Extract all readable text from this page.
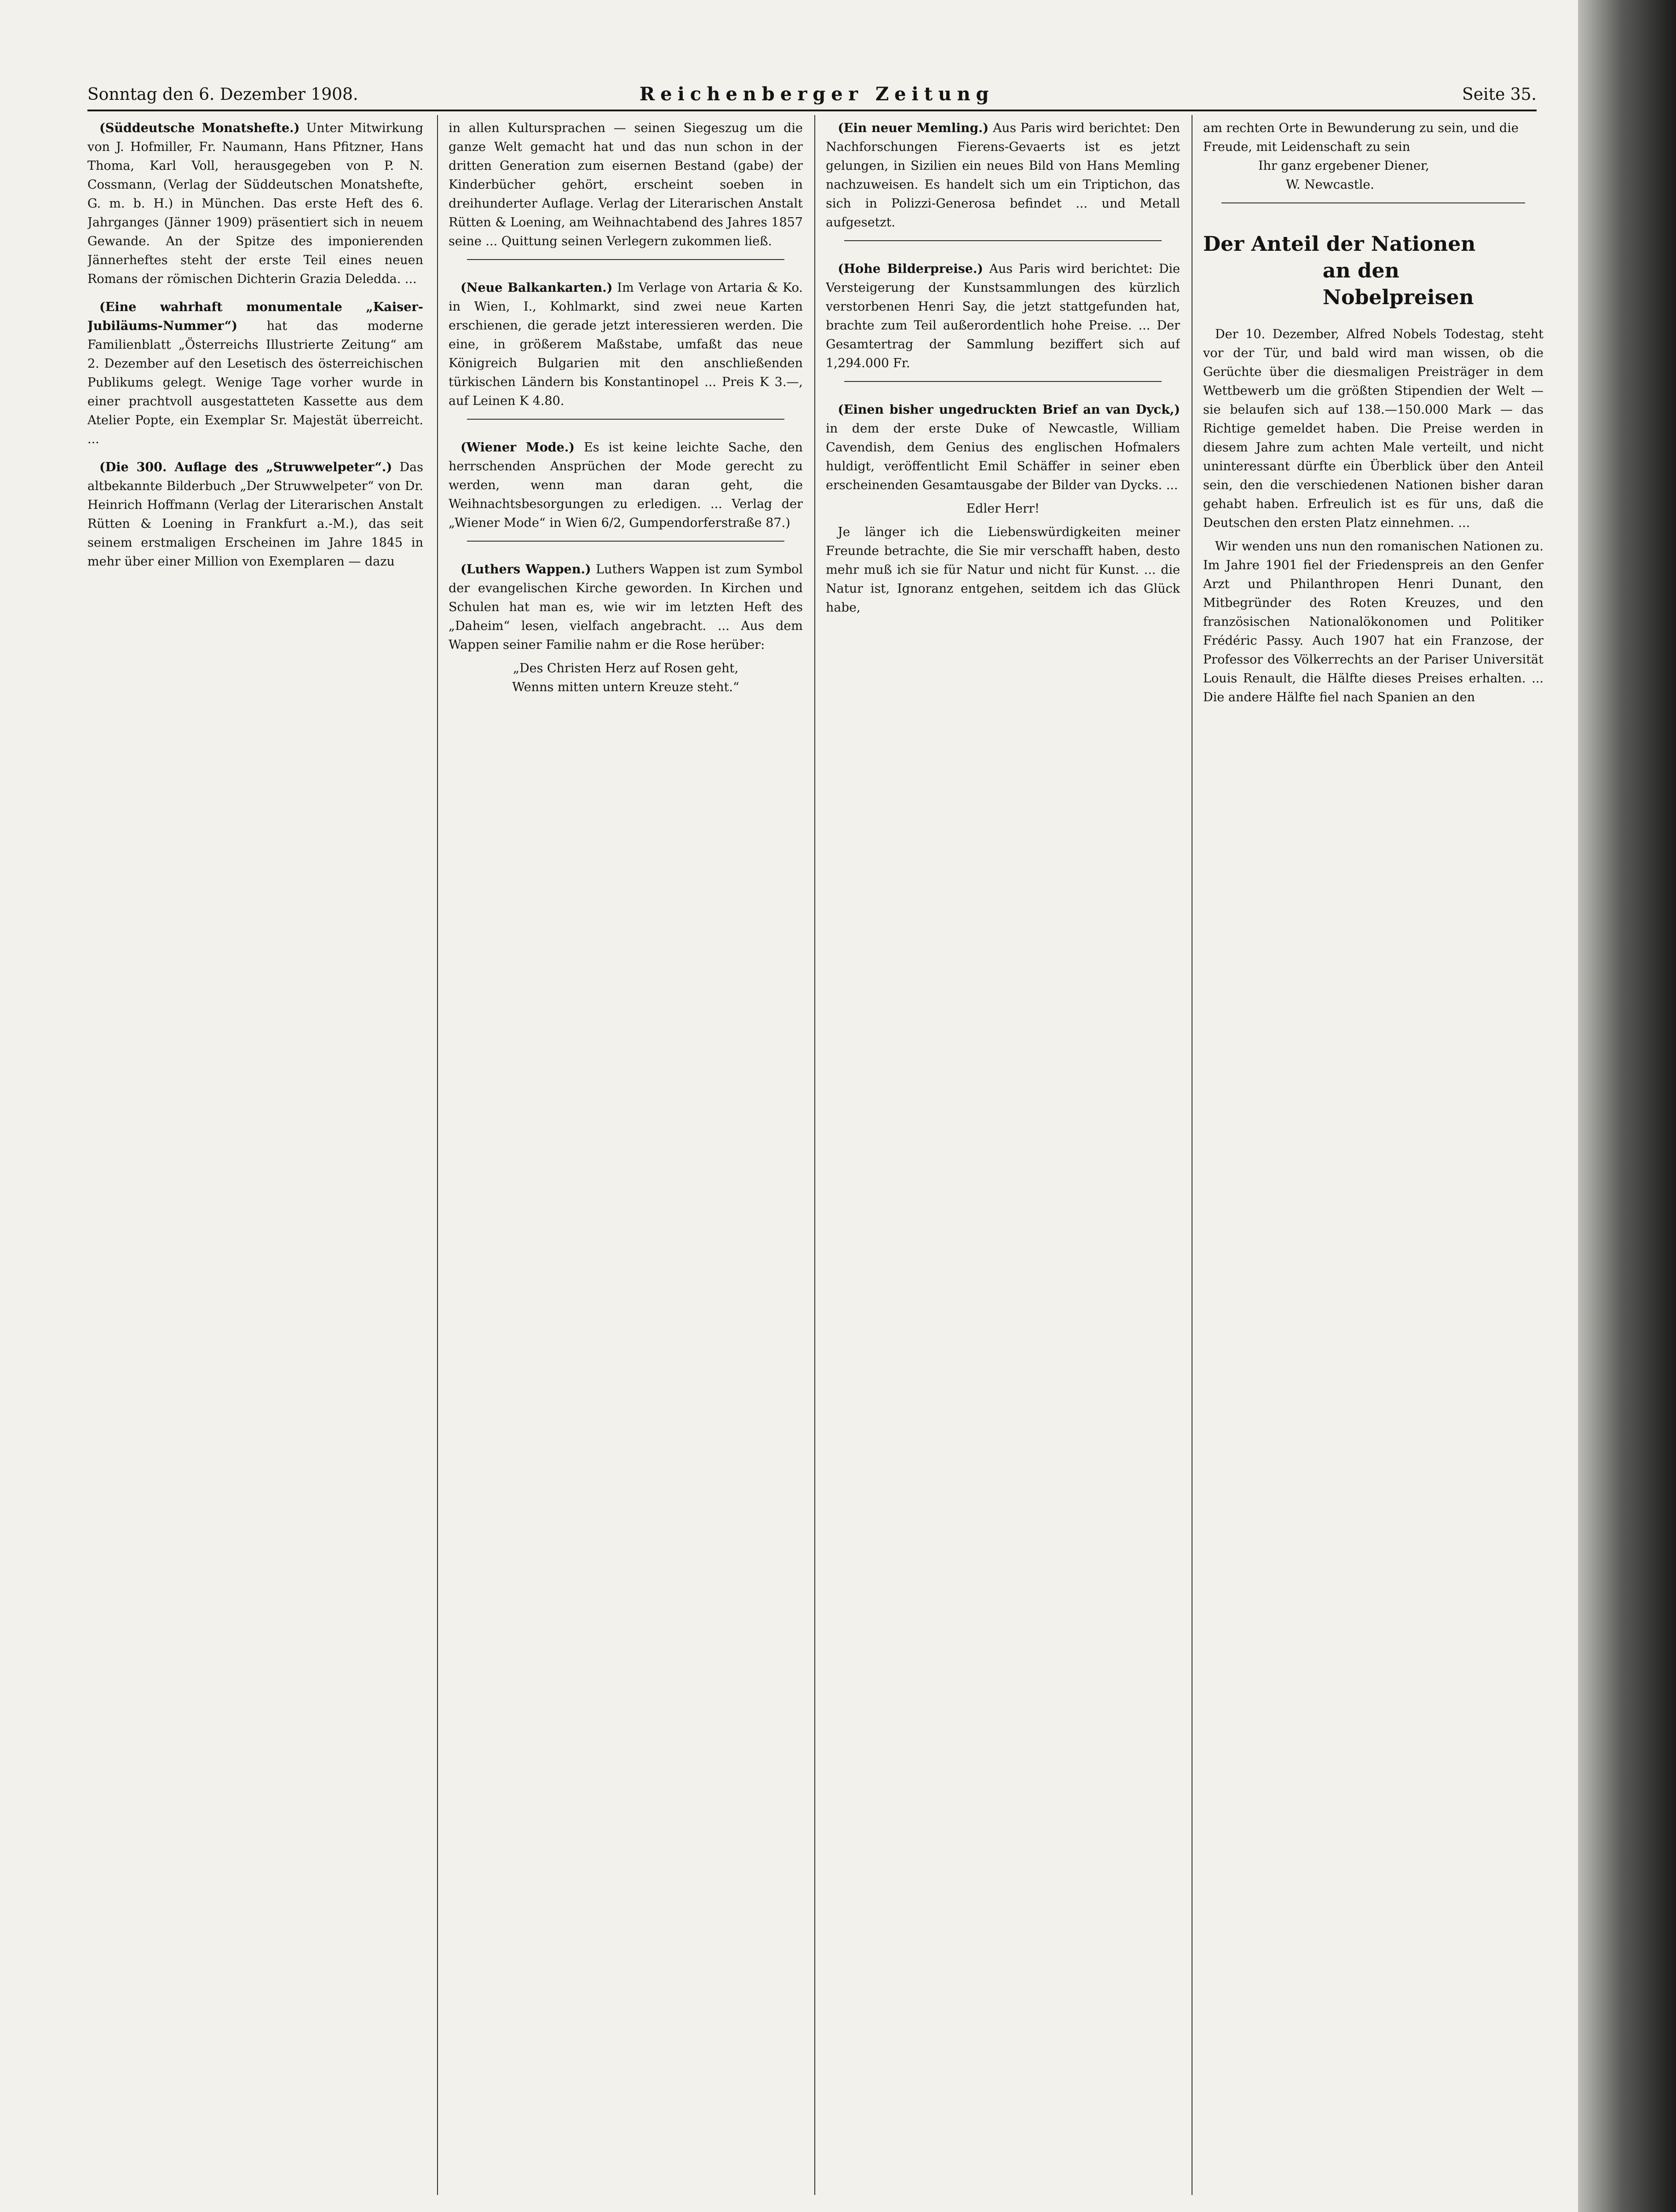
Sonntag den 6. Dezember 1908.	Reichenberger Zeitung	Seite 35.

(Süddeutsche Monatshefte.) Unter Mitwirkung von J. Hofmiller, Fr. Naumann, Hans Pfitzner, Hans Thoma, Karl Voll, herausgegeben von P. N. Cossmann, (Verlag der Süddeutschen Monatshefte, G. m. b. H.) in München. Das erste Heft des 6. Jahrganges (Jänner 1909) präsentiert sich in neuem Gewande. An der Spitze des imponierenden Jännerheftes steht der erste Teil eines neuen Romans der römischen Dichterin Grazia Deledda. ...

(Eine wahrhaft monumentale „Kaiser-Jubiläums-Nummer“) hat das moderne Familienblatt „Österreichs Illustrierte Zeitung“ am 2. Dezember auf den Lesetisch des österreichischen Publikums gelegt. Wenige Tage vorher wurde in einer prachtvoll ausgestatteten Kassette aus dem Atelier Popte, ein Exemplar Sr. Majestät überreicht. ...

(Die 300. Auflage des „Struwwelpeter“.) Das altbekannte Bilderbuch „Der Struwwelpeter“ von Dr. Heinrich Hoffmann (Verlag der Literarischen Anstalt Rütten & Loening in Frankfurt a.-M.), das seit seinem erstmaligen Erscheinen im Jahre 1845 in mehr über einer Million von Exemplaren — dazu

in allen Kultursprachen — seinen Siegeszug um die ganze Welt gemacht hat und das nun schon in der dritten Generation zum eisernen Bestand (gabe) der Kinderbücher gehört, erscheint soeben in dreihunderter Auflage. Verlag der Literarischen Anstalt Rütten & Loening, am Weihnachtabend des Jahres 1857 seine ... Quittung seinen Verlegern zukommen ließ.

(Neue Balkankarten.) Im Verlage von Artaria & Ko. in Wien, I., Kohlmarkt, sind zwei neue Karten erschienen, die gerade jetzt interessieren werden. Die eine, in größerem Maßstabe, umfaßt das neue Königreich Bulgarien mit den anschließenden türkischen Ländern bis Konstantinopel ... Preis K 3.—, auf Leinen K 4.80.

(Wiener Mode.) Es ist keine leichte Sache, den herrschenden Ansprüchen der Mode gerecht zu werden, wenn man daran geht, die Weihnachtsbesorgungen zu erledigen. ... Verlag der „Wiener Mode“ in Wien 6/2, Gumpendorferstraße 87.)

(Luthers Wappen.) Luthers Wappen ist zum Symbol der evangelischen Kirche geworden. In Kirchen und Schulen hat man es, wie wir im letzten Heft des „Daheim“ lesen, vielfach angebracht. ... Aus dem Wappen seiner Familie nahm er die Rose herüber:

„Des Christen Herz auf Rosen geht,

Wenns mitten untern Kreuze steht.“

(Ein neuer Memling.) Aus Paris wird berichtet: Den Nachforschungen Fierens-Gevaerts ist es jetzt gelungen, in Sizilien ein neues Bild von Hans Memling nachzuweisen. Es handelt sich um ein Triptichon, das sich in Polizzi-Generosa befindet ... und Metall aufgesetzt.

(Hohe Bilderpreise.) Aus Paris wird berichtet: Die Versteigerung der Kunstsammlungen des kürzlich verstorbenen Henri Say, die jetzt stattgefunden hat, brachte zum Teil außerordentlich hohe Preise. ... Der Gesamtertrag der Sammlung beziffert sich auf 1,294.000 Fr.

(Einen bisher ungedruckten Brief an van Dyck,) in dem der erste Duke of Newcastle, William Cavendish, dem Genius des englischen Hofmalers huldigt, veröffentlicht Emil Schäffer in seiner eben erscheinenden Gesamtausgabe der Bilder van Dycks. ...

Edler Herr!

Je länger ich die Liebenswürdigkeiten meiner Freunde betrachte, die Sie mir verschafft haben, desto mehr muß ich sie für Natur und nicht für Kunst. ... die Natur ist, Ignoranz entgehen, seitdem ich das Glück habe,

am rechten Orte in Bewunderung zu sein, und die Freude, mit Leidenschaft zu sein

Ihr ganz ergebener Diener,
W. Newcastle.
Der Anteil der Nationen
an den Nobelpreisen

Der 10. Dezember, Alfred Nobels Todestag, steht vor der Tür, und bald wird man wissen, ob die Gerüchte über die diesmaligen Preisträger in dem Wettbewerb um die größten Stipendien der Welt — sie belaufen sich auf 138.—150.000 Mark — das Richtige gemeldet haben. Die Preise werden in diesem Jahre zum achten Male verteilt, und nicht uninteressant dürfte ein Überblick über den Anteil sein, den die verschiedenen Nationen bisher daran gehabt haben. Erfreulich ist es für uns, daß die Deutschen den ersten Platz einnehmen. ...

Wir wenden uns nun den romanischen Nationen zu. Im Jahre 1901 fiel der Friedenspreis an den Genfer Arzt und Philanthropen Henri Dunant, den Mitbegründer des Roten Kreuzes, und den französischen Nationalökonomen und Politiker Frédéric Passy. Auch 1907 hat ein Franzose, der Professor des Völkerrechts an der Pariser Universität Louis Renault, die Hälfte dieses Preises erhalten. ... Die andere Hälfte fiel nach Spanien an den
